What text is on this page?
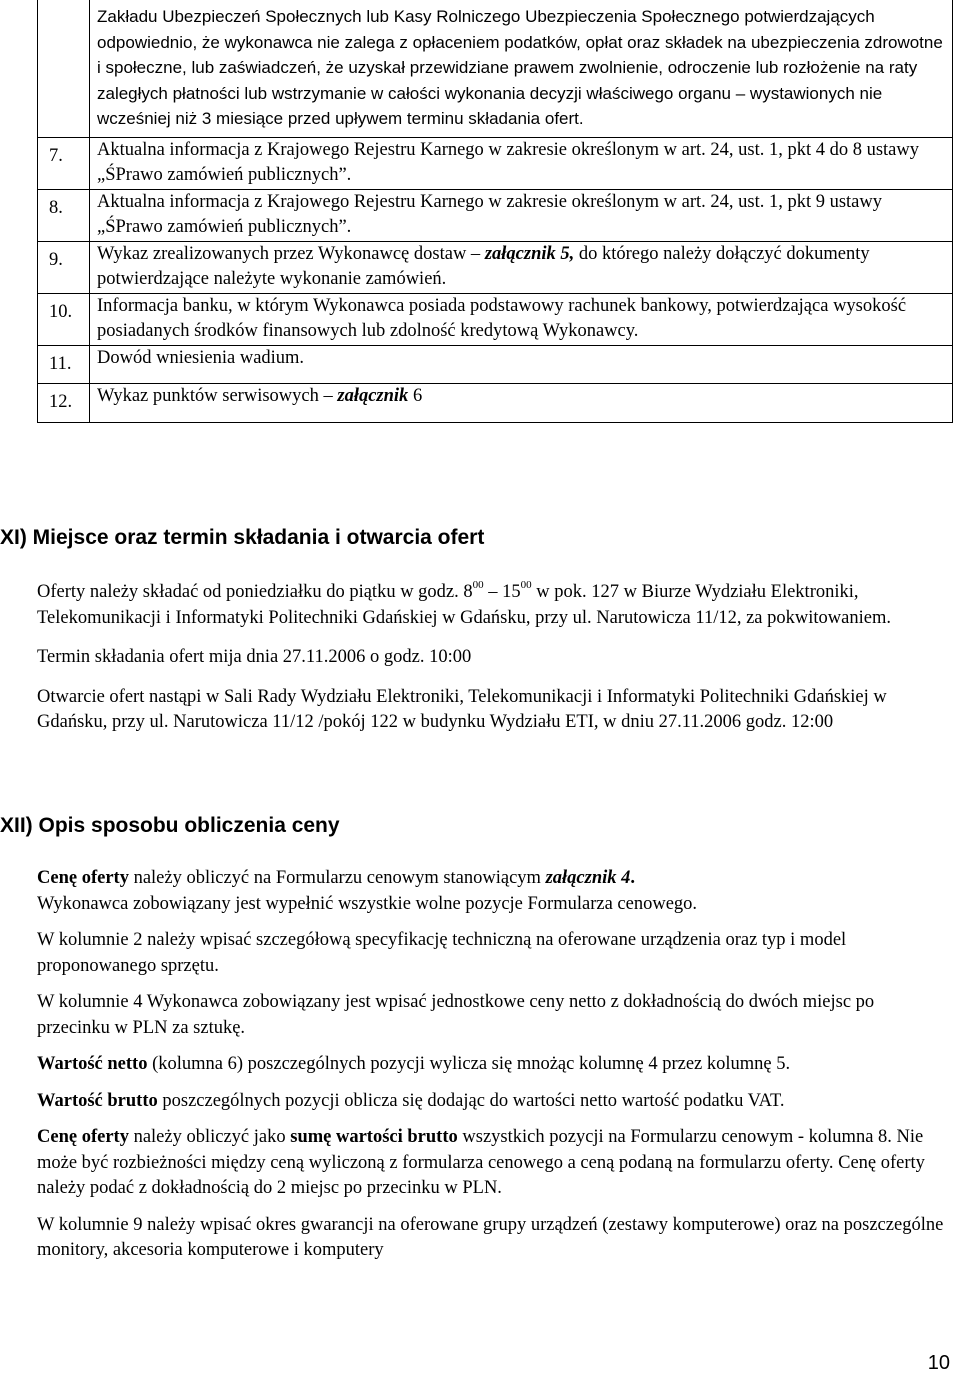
	Zakładu Ubezpieczeń Społecznych lub Kasy Rolniczego Ubezpieczenia Społecznego potwierdzających odpowiednio, że wykonawca nie zalega z opłaceniem podatków, opłat oraz składek na ubezpieczenia zdrowotne i społeczne, lub zaświadczeń, że uzyskał przewidziane prawem zwolnienie, odroczenie lub rozłożenie na raty zaległych płatności lub wstrzymanie w całości wykonania decyzji właściwego organu – wystawionych nie wcześniej niż 3 miesiące przed upływem terminu składania ofert.
7.	Aktualna informacja z Krajowego Rejestru Karnego w zakresie określonym w art. 24, ust. 1, pkt 4 do 8 ustawy „ŚPrawo zamówień publicznych”.
8.	Aktualna informacja z Krajowego Rejestru Karnego w zakresie określonym w art. 24, ust. 1, pkt 9 ustawy „ŚPrawo zamówień publicznych”.
9.	Wykaz zrealizowanych przez Wykonawcę dostaw – załącznik 5, do którego należy dołączyć dokumenty potwierdzające należyte wykonanie zamówień.
10.	Informacja banku, w którym Wykonawca posiada podstawowy rachunek bankowy, potwierdzająca wysokość posiadanych środków finansowych lub zdolność kredytową Wykonawcy.
11.	Dowód wniesienia wadium.
12.	Wykaz punktów serwisowych – załącznik 6
XI) Miejsce oraz termin składania i otwarcia ofert

Oferty należy składać od poniedziałku do piątku w godz. $8^{00} - 15^{00}$ w pok. 127 w Biurze Wydziału Elektroniki, Telekomunikacji i Informatyki Politechniki Gdańskiej w Gdańsku, przy ul. Narutowicza 11/12, za pokwitowaniem.

Termin składania ofert mija dnia 27.11.2006 o godz. 10:00

Otwarcie ofert nastąpi w Sali Rady Wydziału Elektroniki, Telekomunikacji i Informatyki Politechniki Gdańskiej w Gdańsku, przy ul. Narutowicza 11/12 /pokój 122 w budynku Wydziału ETI, w dniu 27.11.2006 godz. 12:00

XII) Opis sposobu obliczenia ceny

Cenę oferty należy obliczyć na Formularzu cenowym stanowiącym załącznik 4.
Wykonawca zobowiązany jest wypełnić wszystkie wolne pozycje Formularza cenowego.

W kolumnie 2 należy wpisać szczegółową specyfikację techniczną na oferowane urządzenia oraz typ i model proponowanego sprzętu.

W kolumnie 4 Wykonawca zobowiązany jest wpisać jednostkowe ceny netto z dokładnością do dwóch miejsc po przecinku w PLN za sztukę.

Wartość netto (kolumna 6) poszczególnych pozycji wylicza się mnożąc kolumnę 4 przez kolumnę 5.

Wartość brutto poszczególnych pozycji oblicza się dodając do wartości netto wartość podatku VAT.

Cenę oferty należy obliczyć jako sumę wartości brutto wszystkich pozycji na Formularzu cenowym - kolumna 8. Nie może być rozbieżności między ceną wyliczoną z formularza cenowego a ceną podaną na formularzu oferty. Cenę oferty należy podać z dokładnością do 2 miejsc po przecinku w PLN.

W kolumnie 9 należy wpisać okres gwarancji na oferowane grupy urządzeń (zestawy komputerowe) oraz na poszczególne monitory, akcesoria komputerowe i komputery

10
